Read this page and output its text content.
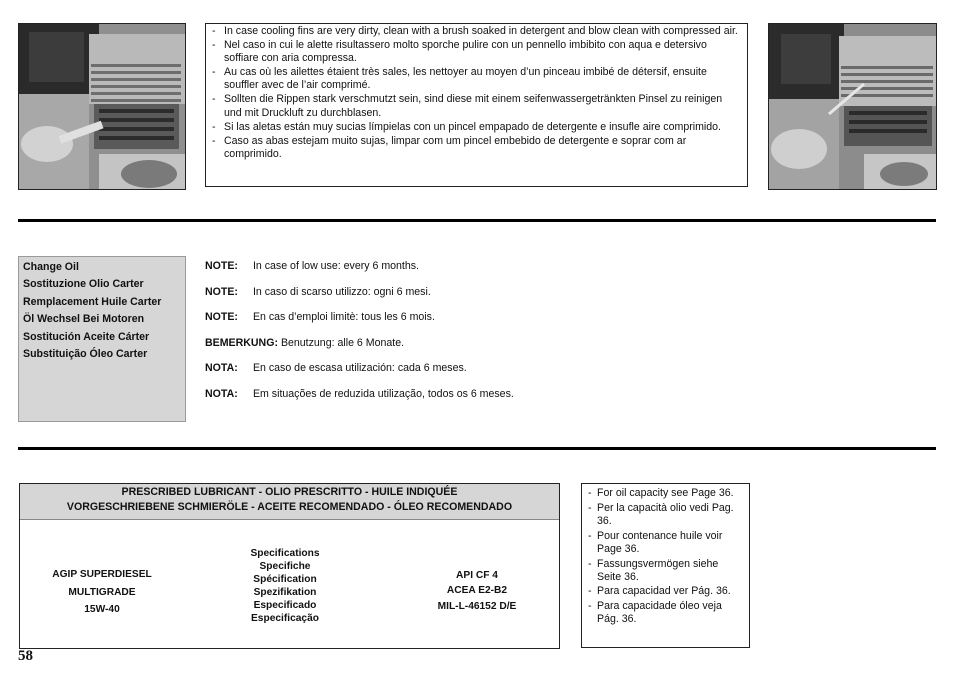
- In case cooling fins are very dirty, clean with a brush soaked in detergent and blow clean with compressed air.
- Nel caso in cui le alette risultassero molto sporche pulire con un pennello imbibito con aqua e detersivo soffiare con aria compressa.
- Au cas où les ailettes étaient très sales, les nettoyer au moyen d’un pinceau imbibé de détersif, ensuite souffler avec de l’air comprimé.
- Sollten die Rippen stark verschmutzt sein, sind diese mit einem seifenwassergetränkten Pinsel zu reinigen und mit Druckluft zu durchblasen.
- Si las aletas están muy sucias límpielas con un pincel empapado de detergente e insufle aire comprimido.
- Caso as abas estejam muito sujas, limpar com um pincel embebido de detergente e soprar com ar comprimido.
Change Oil
Sostituzione Olio Carter
Remplacement Huile Carter
Öl Wechsel Bei Motoren
Sostitución Aceite Cárter
Substituição Óleo Carter
NOTE: In case of low use: every 6 months.
NOTE: In caso di scarso utilizzo: ogni 6 mesi.
NOTE: En cas d’emploi limitè: tous les 6 mois.
BEMERKUNG: Benutzung: alle 6 Monate.
NOTA: En caso de escasa utilización: cada 6 meses.
NOTA: Em situações de reduzida utilização, todos os 6 meses.
PRESCRIBED LUBRICANT - OLIO PRESCRITTO - HUILE INDIQUÉE
VORGESCHRIEBENE SCHMIERÖLE - ACEITE RECOMENDADO - ÓLEO RECOMENDADO
AGIP SUPERDIESEL
MULTIGRADE
15W-40
Specifications
Specifiche
Spécification
Spezifikation
Especificado
Especificação
API CF 4
ACEA E2-B2
MIL-L-46152 D/E
- For oil capacity see Page 36.
- Per la capacità olio vedi Pag. 36.
- Pour contenance huile voir Page 36.
- Fassungsvermögen siehe Seite 36.
- Para capacidad ver Pág. 36.
- Para capacidade óleo veja Pág. 36.
58
